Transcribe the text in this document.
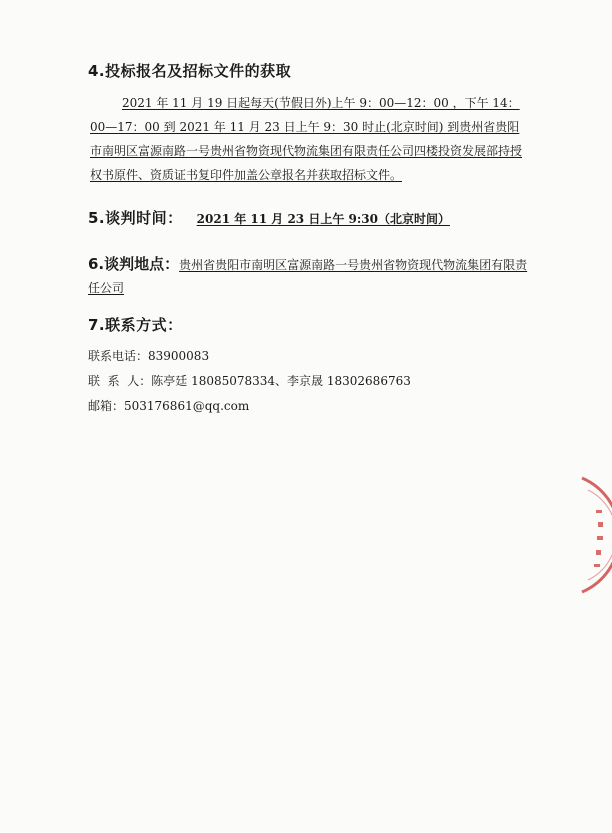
4.投标报名及招标文件的获取

2021 年 11 月 19 日起每天(节假日外)上午 9：00—12：00 ，下午 14：00—17：00 到 2021 年 11 月 23 日上午 9：30 时止(北京时间) 到贵州省贵阳市南明区富源南路一号贵州省物资现代物流集团有限责任公司四楼投资发展部持授权书原件、资质证书复印件加盖公章报名并获取招标文件。

5.谈判时间： 2021 年 11 月 23 日上午 9:30（北京时间）
6.谈判地点：贵州省贵阳市南明区富源南路一号贵州省物资现代物流集团有限责任公司
7.联系方式：
联系电话：83900083
联  系  人：陈亭廷 18085078334、李京晟 18302686763
邮箱：503176861@qq.com
